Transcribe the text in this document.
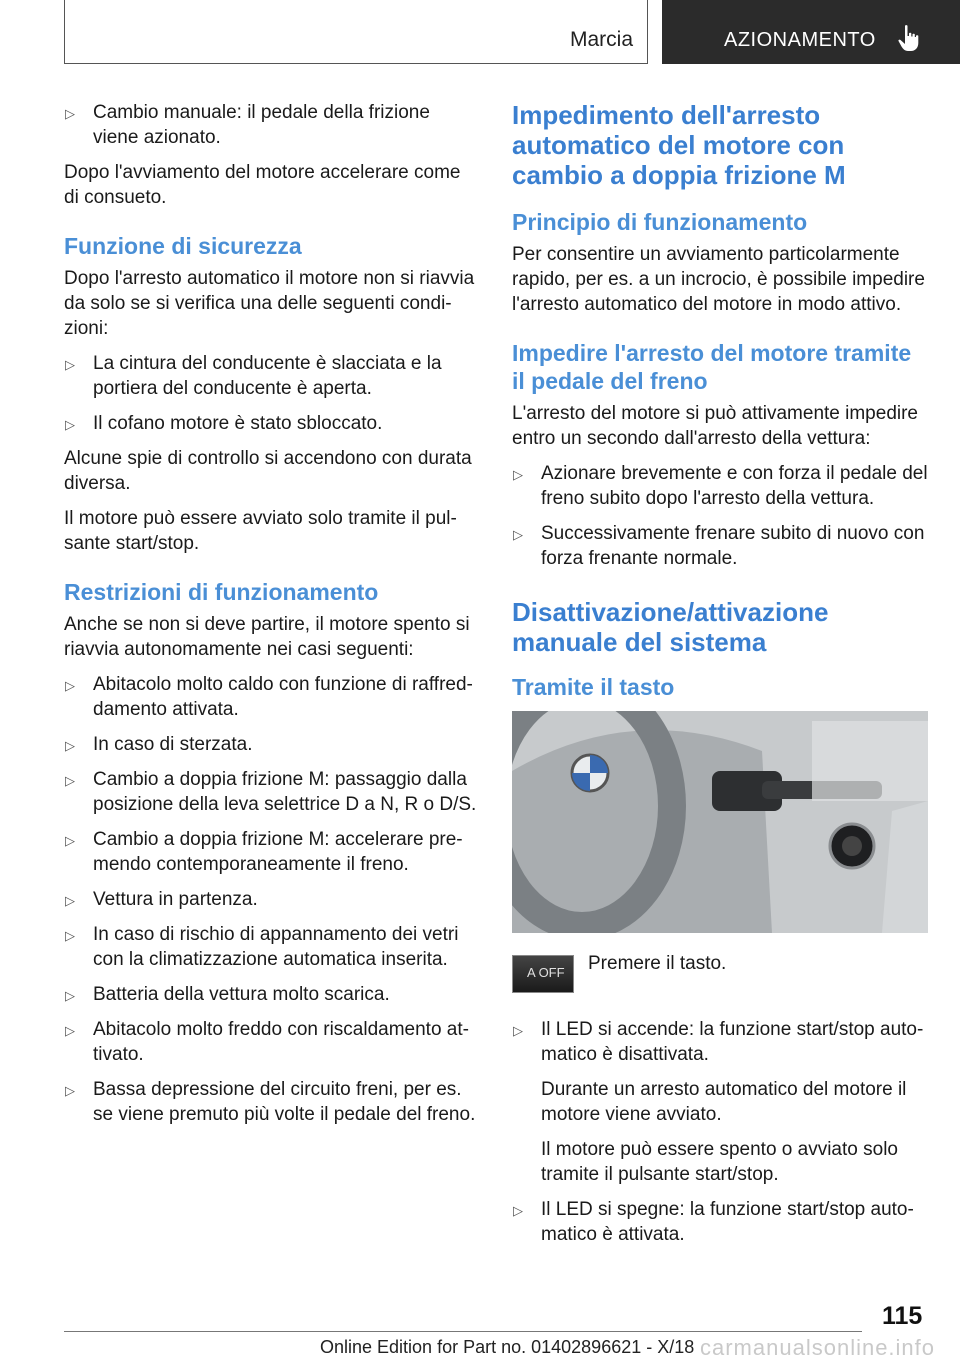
Marcia	AZIONAMENTO
▷ Cambio manuale: il pedale della frizione viene azionato.

Dopo l'avviamento del motore accelerare come di consueto.

Funzione di sicurezza

Dopo l'arresto automatico il motore non si riavvia da solo se si verifica una delle seguenti condizioni:

▷ La cintura del conducente è slacciata e la portiera del conducente è aperta.
▷ Il cofano motore è stato sbloccato.

Alcune spie di controllo si accendono con durata diversa.

Il motore può essere avviato solo tramite il pulsante start/stop.

Restrizioni di funzionamento

Anche se non si deve partire, il motore spento si riavvia autonomamente nei casi seguenti:

▷ Abitacolo molto caldo con funzione di raffreddamento attivata.
▷ In caso di sterzata.
▷ Cambio a doppia frizione M: passaggio dalla posizione della leva selettrice D a N, R o D/S.
▷ Cambio a doppia frizione M: accelerare premendo contemporaneamente il freno.
▷ Vettura in partenza.
▷ In caso di rischio di appannamento dei vetri con la climatizzazione automatica inserita.
▷ Batteria della vettura molto scarica.
▷ Abitacolo molto freddo con riscaldamento attivato.
▷ Bassa depressione del circuito freni, per es. se viene premuto più volte il pedale del freno.
Impedimento dell'arresto automatico del motore con cambio a doppia frizione M
Principio di funzionamento

Per consentire un avviamento particolarmente rapido, per es. a un incrocio, è possibile impedire l'arresto automatico del motore in modo attivo.

Impedire l'arresto del motore tramite il pedale del freno

L'arresto del motore si può attivamente impedire entro un secondo dall'arresto della vettura:

▷ Azionare brevemente e con forza il pedale del freno subito dopo l'arresto della vettura.
▷ Successivamente frenare subito di nuovo con forza frenante normale.
Disattivazione/attivazione manuale del sistema
Tramite il tasto
A OFF Premere il tasto.
▷ Il LED si accende: la funzione start/stop automatico è disattivata.

Durante un arresto automatico del motore il motore viene avviato.

Il motore può essere spento o avviato solo tramite il pulsante start/stop.

▷ Il LED si spegne: la funzione start/stop automatico è attivata.
115
Online Edition for Part no. 01402896621 - X/18 carmanualsonline.info
